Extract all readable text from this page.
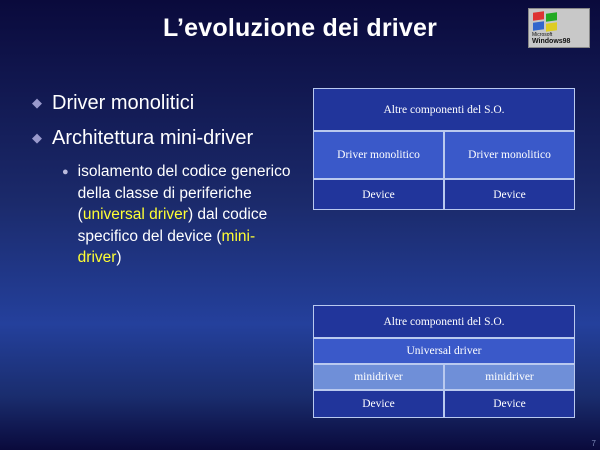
L’evoluzione dei driver	Microsoft
Windows98
◆ Driver monolitici
◆ Architettura mini-driver
● isolamento del codice generico della classe di periferiche (universal driver) dal codice specifico del device (mini-driver)
Altre componenti del S.O.
Driver monolitico	Driver monolitico
Device	Device
Altre componenti del S.O.
Universal driver
minidriver	minidriver
Device	Device
7
